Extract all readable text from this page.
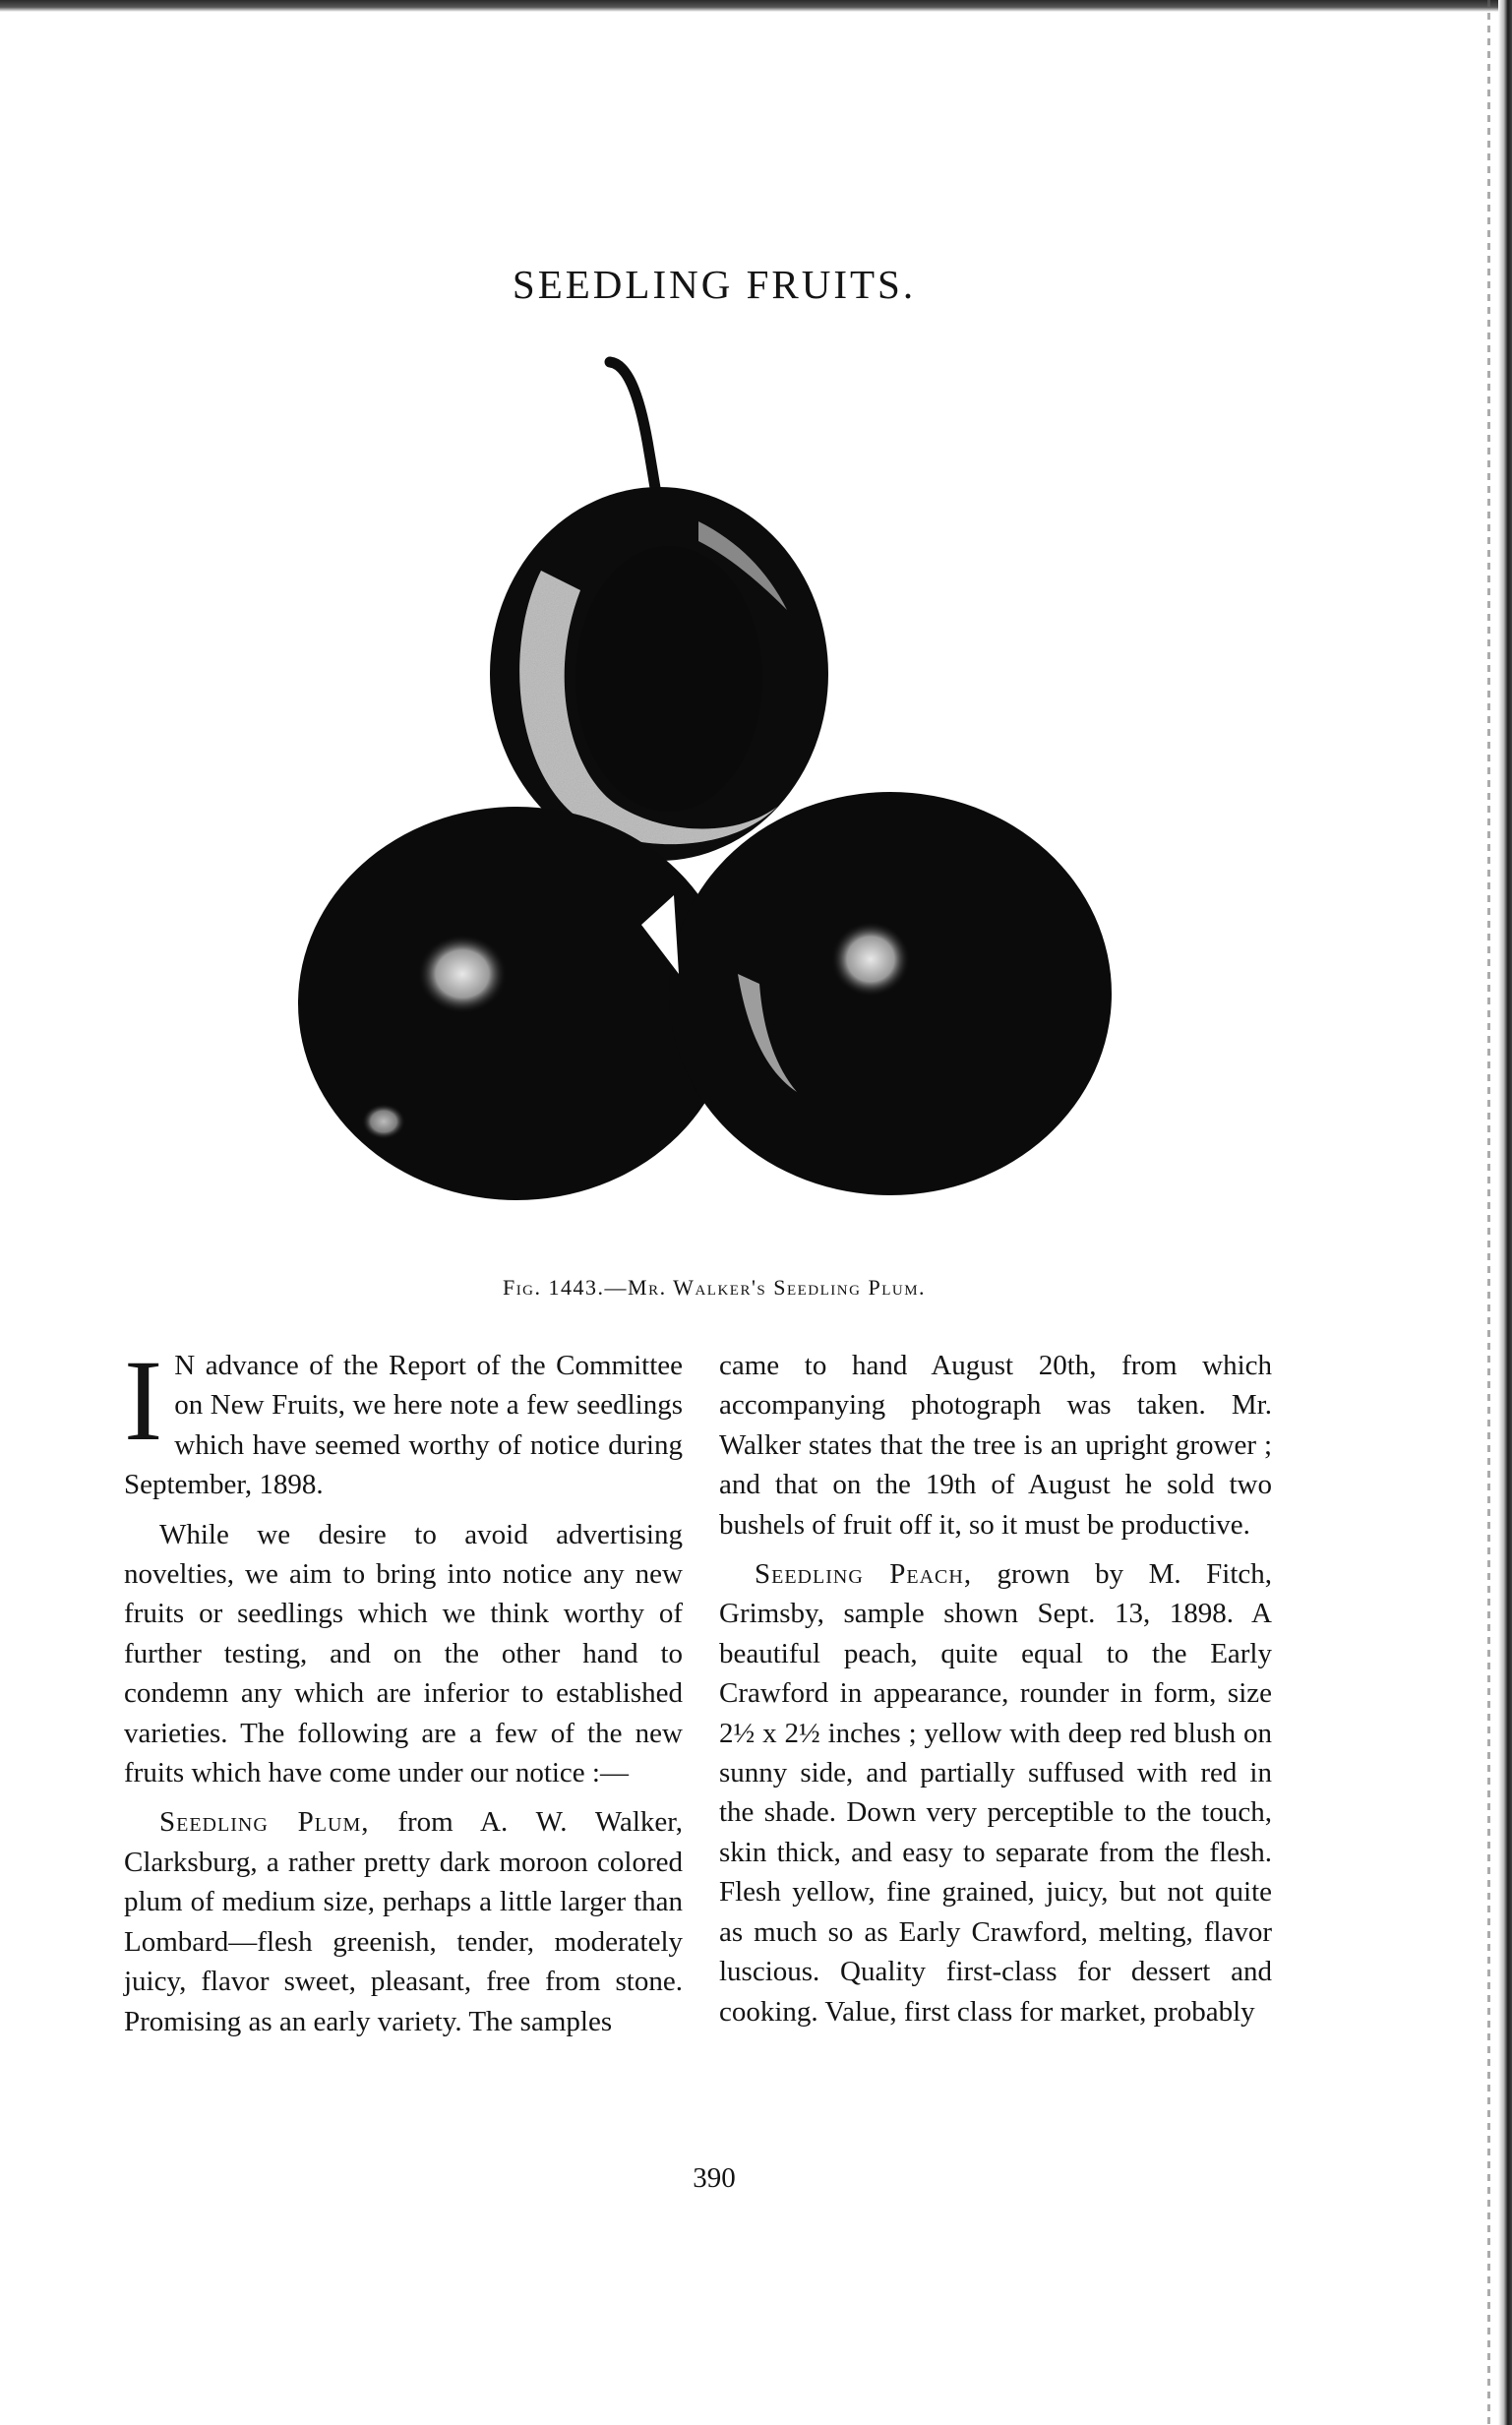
SEEDLING FRUITS.
Fig. 1443.—Mr. Walker's Seedling Plum.

I N advance of the Report of the Committee on New Fruits, we here note a few seedlings which have seemed worthy of notice during September, 1898.

While we desire to avoid advertising novelties, we aim to bring into notice any new fruits or seedlings which we think worthy of further testing, and on the other hand to condemn any which are inferior to established varieties. The following are a few of the new fruits which have come under our notice :—

Seedling Plum, from A. W. Walker, Clarksburg, a rather pretty dark moroon colored plum of medium size, perhaps a little larger than Lombard—flesh greenish, tender, moderately juicy, flavor sweet, pleasant, free from stone. Promising as an early variety. The samples

came to hand August 20th, from which accompanying photograph was taken. Mr. Walker states that the tree is an upright grower ; and that on the 19th of August he sold two bushels of fruit off it, so it must be productive.

Seedling Peach, grown by M. Fitch, Grimsby, sample shown Sept. 13, 1898. A beautiful peach, quite equal to the Early Crawford in appearance, rounder in form, size 2½ x 2½ inches ; yellow with deep red blush on sunny side, and partially suffused with red in the shade. Down very perceptible to the touch, skin thick, and easy to separate from the flesh. Flesh yellow, fine grained, juicy, but not quite as much so as Early Crawford, melting, flavor luscious. Quality first-class for dessert and cooking. Value, first class for market, probably

390
